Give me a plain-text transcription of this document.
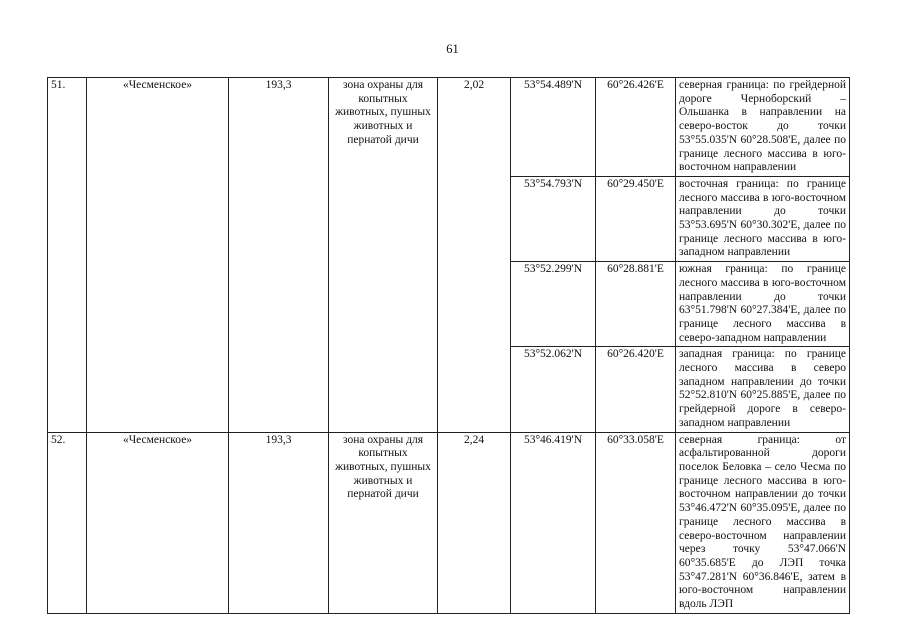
61
51.	«Чесменское»	193,3	зона охраны для копытных животных, пушных животных и пернатой дичи	2,02	53°54.489'N	60°26.426'E	северная граница: по грейдерной дороге Черноборский – Ольшанка в направлении на северо-восток до точки 53°55.035'N 60°28.508'E, далее по границе лесного массива в юго-восточном направлении
					53°54.793'N	60°29.450'E	восточная граница: по границе лесного массива в юго-восточном направлении до точки 53°53.695'N 60°30.302'E, далее по границе лесного массива в юго-западном направлении
					53°52.299'N	60°28.881'E	южная граница: по границе лесного массива в юго-восточном направлении до точки 63°51.798'N 60°27.384'E, далее по границе лесного массива в северо-западном направлении
					53°52.062'N	60°26.420'E	западная граница: по границе лесного массива в северо западном направлении до точки 52°52.810'N 60°25.885'E, далее по грейдерной дороге в северо-западном направлении
52.	«Чесменское»	193,3	зона охраны для копытных животных, пушных животных и пернатой дичи	2,24	53°46.419'N	60°33.058'E	северная граница: от асфальтированной дороги поселок Беловка – село Чесма по границе лесного массива в юго-восточном направлении до точки 53°46.472'N 60°35.095'E, далее по границе лесного массива в северо-восточном направлении через точку 53°47.066'N 60°35.685'E до ЛЭП точка 53°47.281'N 60°36.846'E, затем в юго-восточном направлении вдоль ЛЭП
